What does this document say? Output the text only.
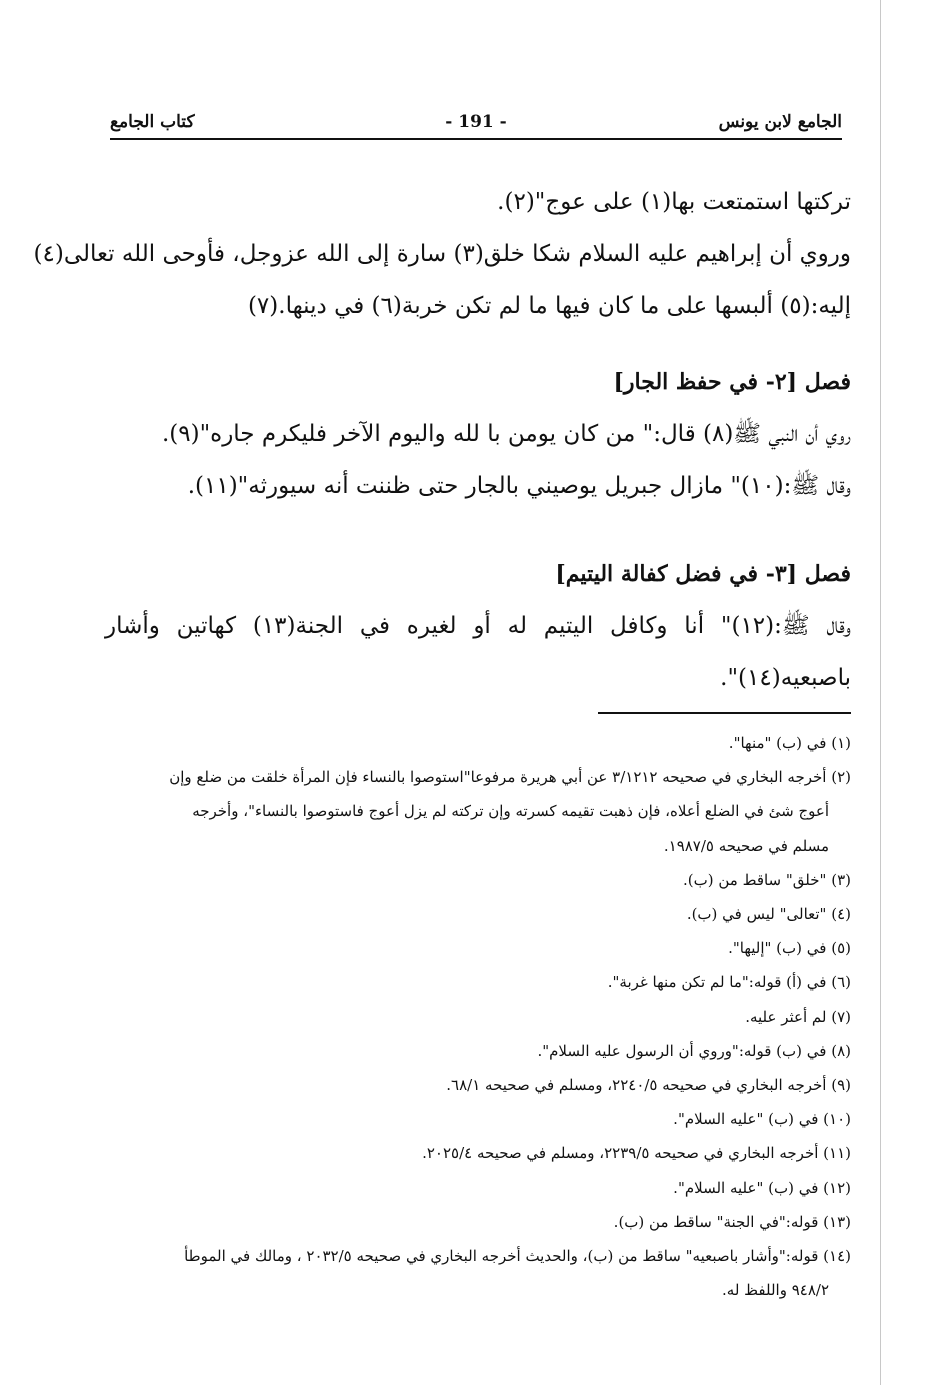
الجامع لابن يونس
- 191 -
كتاب الجامع

تركتها استمتعت بها(١) على عوج"(٢).

وروي أن إبراهيم عليه السلام شكا خلق(٣) سارة إلى الله عزوجل، فأوحى الله تعالى(٤)

إليه:(٥) ألبسها على ما كان فيها ما لم تكن خربة(٦) في دينها.(٧)

فصل [٢- في حفظ الجار]

روي أن النبي ﷺ(٨) قال:" من كان يومن با لله واليوم الآخر فليكرم جاره"(٩).

وقال ﷺ:(١٠)" مازال جبريل يوصيني بالجار حتى ظننت أنه سيورثه"(١١).

فصل [٣- في فضل كفالة اليتيم]

وقال ﷺ:(١٢)" أنا وكافل اليتيم له أو لغيره في الجنة(١٣) كهاتين وأشار

باصبعيه(١٤)".

(١) في (ب) "منها".

(٢) أخرجه البخاري في صحيحه ٣/١٢١٢ عن أبي هريرة مرفوعا"استوصوا بالنساء فإن المرأة خلقت من ضلع وإن

أعوج شئ في الضلع أعلاه، فإن ذهبت تقيمه كسرته وإن تركته لم يزل أعوج فاستوصوا بالنساء"، وأخرجه

مسلم في صحيحه ١٩٨٧/٥.

(٣) "خلق" ساقط من (ب).

(٤) "تعالى" ليس في (ب).

(٥) في (ب) "إليها".

(٦) في (أ) قوله:"ما لم تكن منها غربة".

(٧) لم أعثر عليه.

(٨) في (ب) قوله:"وروي أن الرسول عليه السلام".

(٩) أخرجه البخاري في صحيحه ٢٢٤٠/٥، ومسلم في صحيحه ٦٨/١.

(١٠) في (ب) "عليه السلام".

(١١) أخرجه البخاري في صحيحه ٢٢٣٩/٥، ومسلم في صحيحه ٢٠٢٥/٤.

(١٢) في (ب) "عليه السلام".

(١٣) قوله:"في الجنة" ساقط من (ب).

(١٤) قوله:"وأشار باصبعيه" ساقط من (ب)، والحديث أخرجه البخاري في صحيحه ٢٠٣٢/٥ ، ومالك في الموطأ

٩٤٨/٢ واللفظ له.
